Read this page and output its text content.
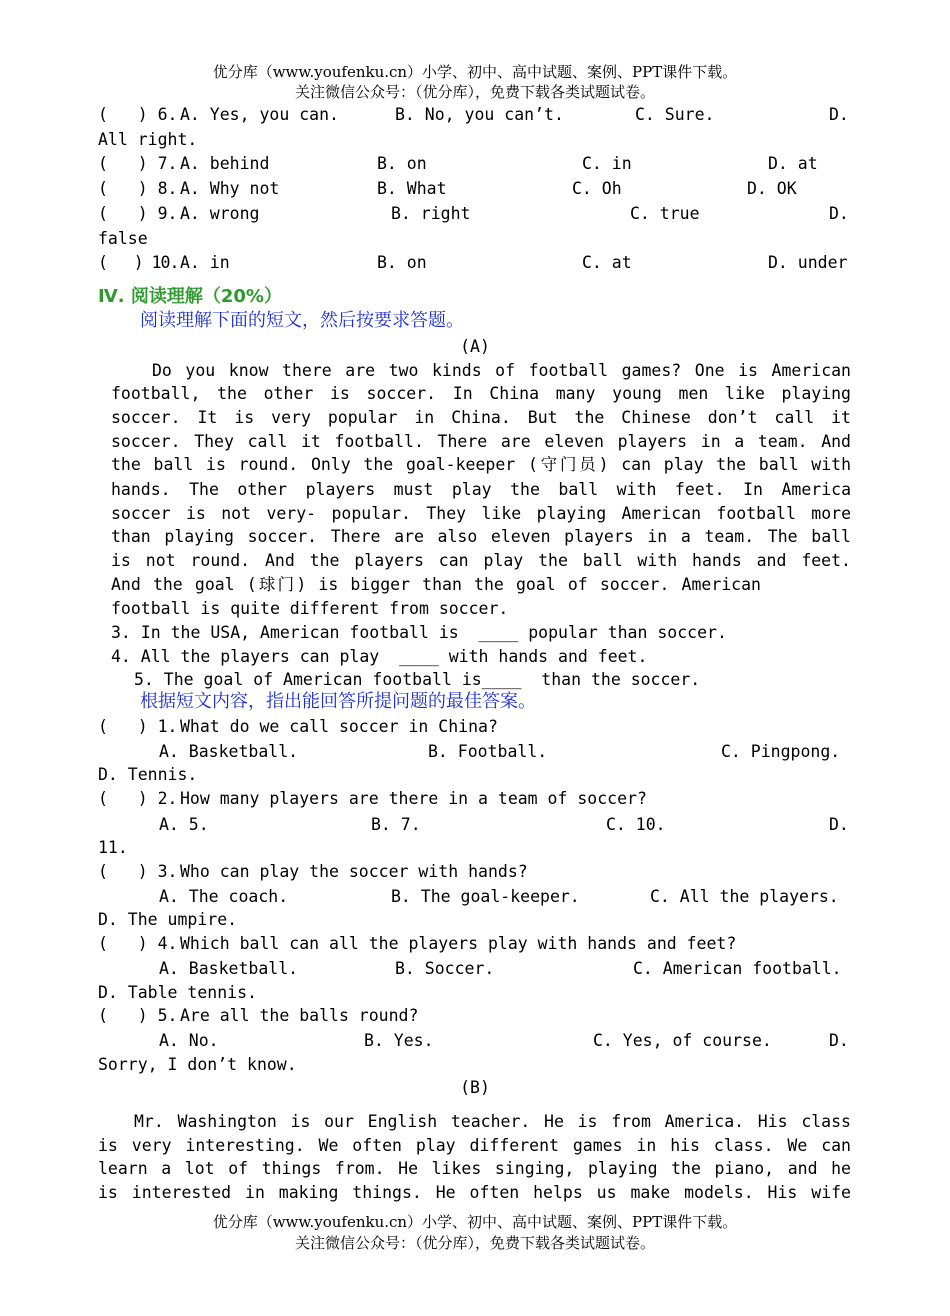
优分库（www.youfenku.cn）小学、初中、高中试题、案例、PPT课件下载。
关注微信公众号：（优分库），免费下载各类试题试卷。
(   ) 6. A. Yes, you can.	B. No, you can’t.	C. Sure.	D.
All right.
(   ) 7. A. behind	B. on	C. in	D. at
(   ) 8. A. Why not	B. What	C. Oh	D. OK
(   ) 9. A. wrong	B. right	C. true	D.
false
(   ) 10. A. in	B. on	C. at	D. under
Ⅳ. 阅读理解（20%）
阅读理解下面的短文，然后按要求答题。
(A)
Do you know there are two kinds of football games? One is American
football, the other is soccer. In China many young men like playing
soccer. It is very popular in China. But the Chinese don’t call it
soccer. They call it football. There are eleven players in a team. And
the ball is round. Only the goal-keeper (守门员) can play the ball with
hands. The other players must play the ball with feet. In America
soccer is not very- popular. They like playing American football more
than playing soccer. There are also eleven players in a team. The ball
is not round. And the players can play the ball with hands and feet.
And the goal (球门) is bigger than the goal of soccer. American
football is quite different from soccer.
3. In the USA, American football is  ____ popular than soccer.
4. All the players can play  ____ with hands and feet.
5. The goal of American football is____  than the soccer.
根据短文内容，指出能回答所提问题的最佳答案。
(   ) 1. What do we call soccer in China?
A. Basketball.	B. Football.	C. Pingpong.
D. Tennis.
(   ) 2. How many players are there in a team of soccer?
A. 5.	B. 7.	C. 10.	D.
11.
(   ) 3. Who can play the soccer with hands?
A. The coach.	B. The goal-keeper.	C. All the players.
D. The umpire.
(   ) 4. Which ball can all the players play with hands and feet?
A. Basketball.	B. Soccer.	C. American football.
D. Table tennis.
(   ) 5. Are all the balls round?
A. No.	B. Yes.	C. Yes, of course.	D.
Sorry, I don’t know.
(B)
Mr. Washington is our English teacher. He is from America. His class
is very interesting. We often play different games in his class. We can
learn a lot of things from. He likes singing, playing the piano, and he
is interested in making things. He often helps us make models. His wife
优分库（www.youfenku.cn）小学、初中、高中试题、案例、PPT课件下载。
关注微信公众号：（优分库），免费下载各类试题试卷。
